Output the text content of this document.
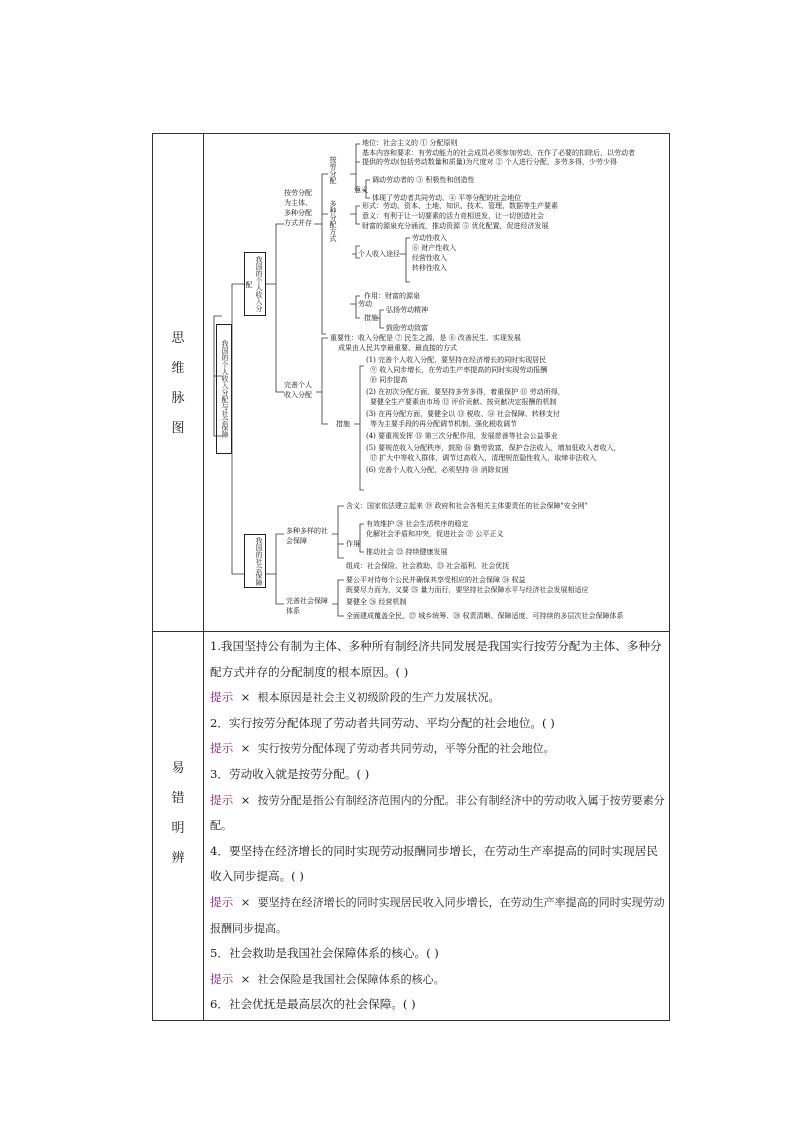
思
维
脉
图
易
错
明
辨
我国的个人收入分配与社会保障
我国的个人收入分配
我国的社会保障
按劳分配为主体、多种分配方式并存
按劳分配
多种分配方式
地位：社会主义的 ① 分配原则
基本内容和要求：有劳动能力的社会成员必须参加劳动，在作了必要的扣除后，以劳动者
提供的劳动(包括劳动数量和质量)为尺度对 ② 个人进行分配，多劳多得，少劳少得
意义
调动劳动者的 ③ 积极性和创造性
体现了劳动者共同劳动、④ 平等分配的社会地位
形式：劳动、资本、土地、知识、技术、管理、数据等生产要素
意义：有利于让一切要素的活力竞相迸发，让一切创造社会
财富的源泉充分涌流，推动资源 ⑤ 优化配置，促进经济发展
个人收入途径
劳动性收入
⑥ 财产性收入
经营性收入
转移性收入
劳动
作用：财富的源泉
措施
弘扬劳动精神
鼓励劳动致富
完善个人收入分配
重要性：收入分配是 ⑦ 民生之源，是 ⑧ 改善民生、实现发展
成果由人民共享最重要、最直接的方式
(1) 完善个人收入分配，要坚持在经济增长的同时实现居民
⑨ 收入同步增长，在劳动生产率提高的同时实现劳动报酬
⑩ 同步提高
(2) 在初次分配方面，要坚持多劳多得，着重保护 ⑪ 劳动所得，
要健全生产要素由市场 ⑫ 评价贡献、按贡献决定报酬的机制
(3) 在再分配方面，要健全以 ⑬ 税收、⑭ 社会保障、转移支付
等为主要手段的再分配调节机制，强化税收调节
(4) 要重视发挥 ⑮ 第三次分配作用，发展慈善等社会公益事业
(5) 要规范收入分配秩序，鼓励 ⑯ 勤劳致富，保护合法收入，增加低收入者收入，
⑰ 扩大中等收入群体，调节过高收入，清理规范隐性收入，取缔非法收入
(6) 完善个人收入分配，必须坚持 ⑱ 消除贫困
措施
多种多样的社会保障
含义：国家依法建立起来 ⑲ 政府和社会各相关主体要责任的社会保障"安全网"
有效维护 ⑳ 社会生活秩序的稳定
化解社会矛盾和冲突，促进社会 ㉑ 公平正义
推动社会 ㉒ 持续健康发展
组成：社会保险、社会救助、㉓ 社会福利、社会优抚
作用
完善社会保障体系
要公平对待每个公民并确保其享受相应的社会保障 ㉔ 权益
既要尽力而为，又要 ㉕ 量力而行，要坚持社会保障水平与经济社会发展相适应
要健全 ㉖ 经营机制
全面建成覆盖全民、㉗ 城乡统筹、㉘ 权责清晰、保障适度、可持续的多层次社会保障体系

1.我国坚持公有制为主体、多种所有制经济共同发展是我国实行按劳分配为主体、多种分配方式并存的分配制度的根本原因。( )

提示 × 根本原因是社会主义初级阶段的生产力发展状况。

2．实行按劳分配体现了劳动者共同劳动、平均分配的社会地位。( )

提示 × 实行按劳分配体现了劳动者共同劳动，平等分配的社会地位。

3．劳动收入就是按劳分配。( )

提示 × 按劳分配是指公有制经济范围内的分配。非公有制经济中的劳动收入属于按劳要素分配。

4．要坚持在经济增长的同时实现劳动报酬同步增长，在劳动生产率提高的同时实现居民收入同步提高。( )

提示 × 要坚持在经济增长的同时实现居民收入同步增长，在劳动生产率提高的同时实现劳动报酬同步提高。

5．社会救助是我国社会保障体系的核心。( )

提示 × 社会保险是我国社会保障体系的核心。

6．社会优抚是最高层次的社会保障。( )
